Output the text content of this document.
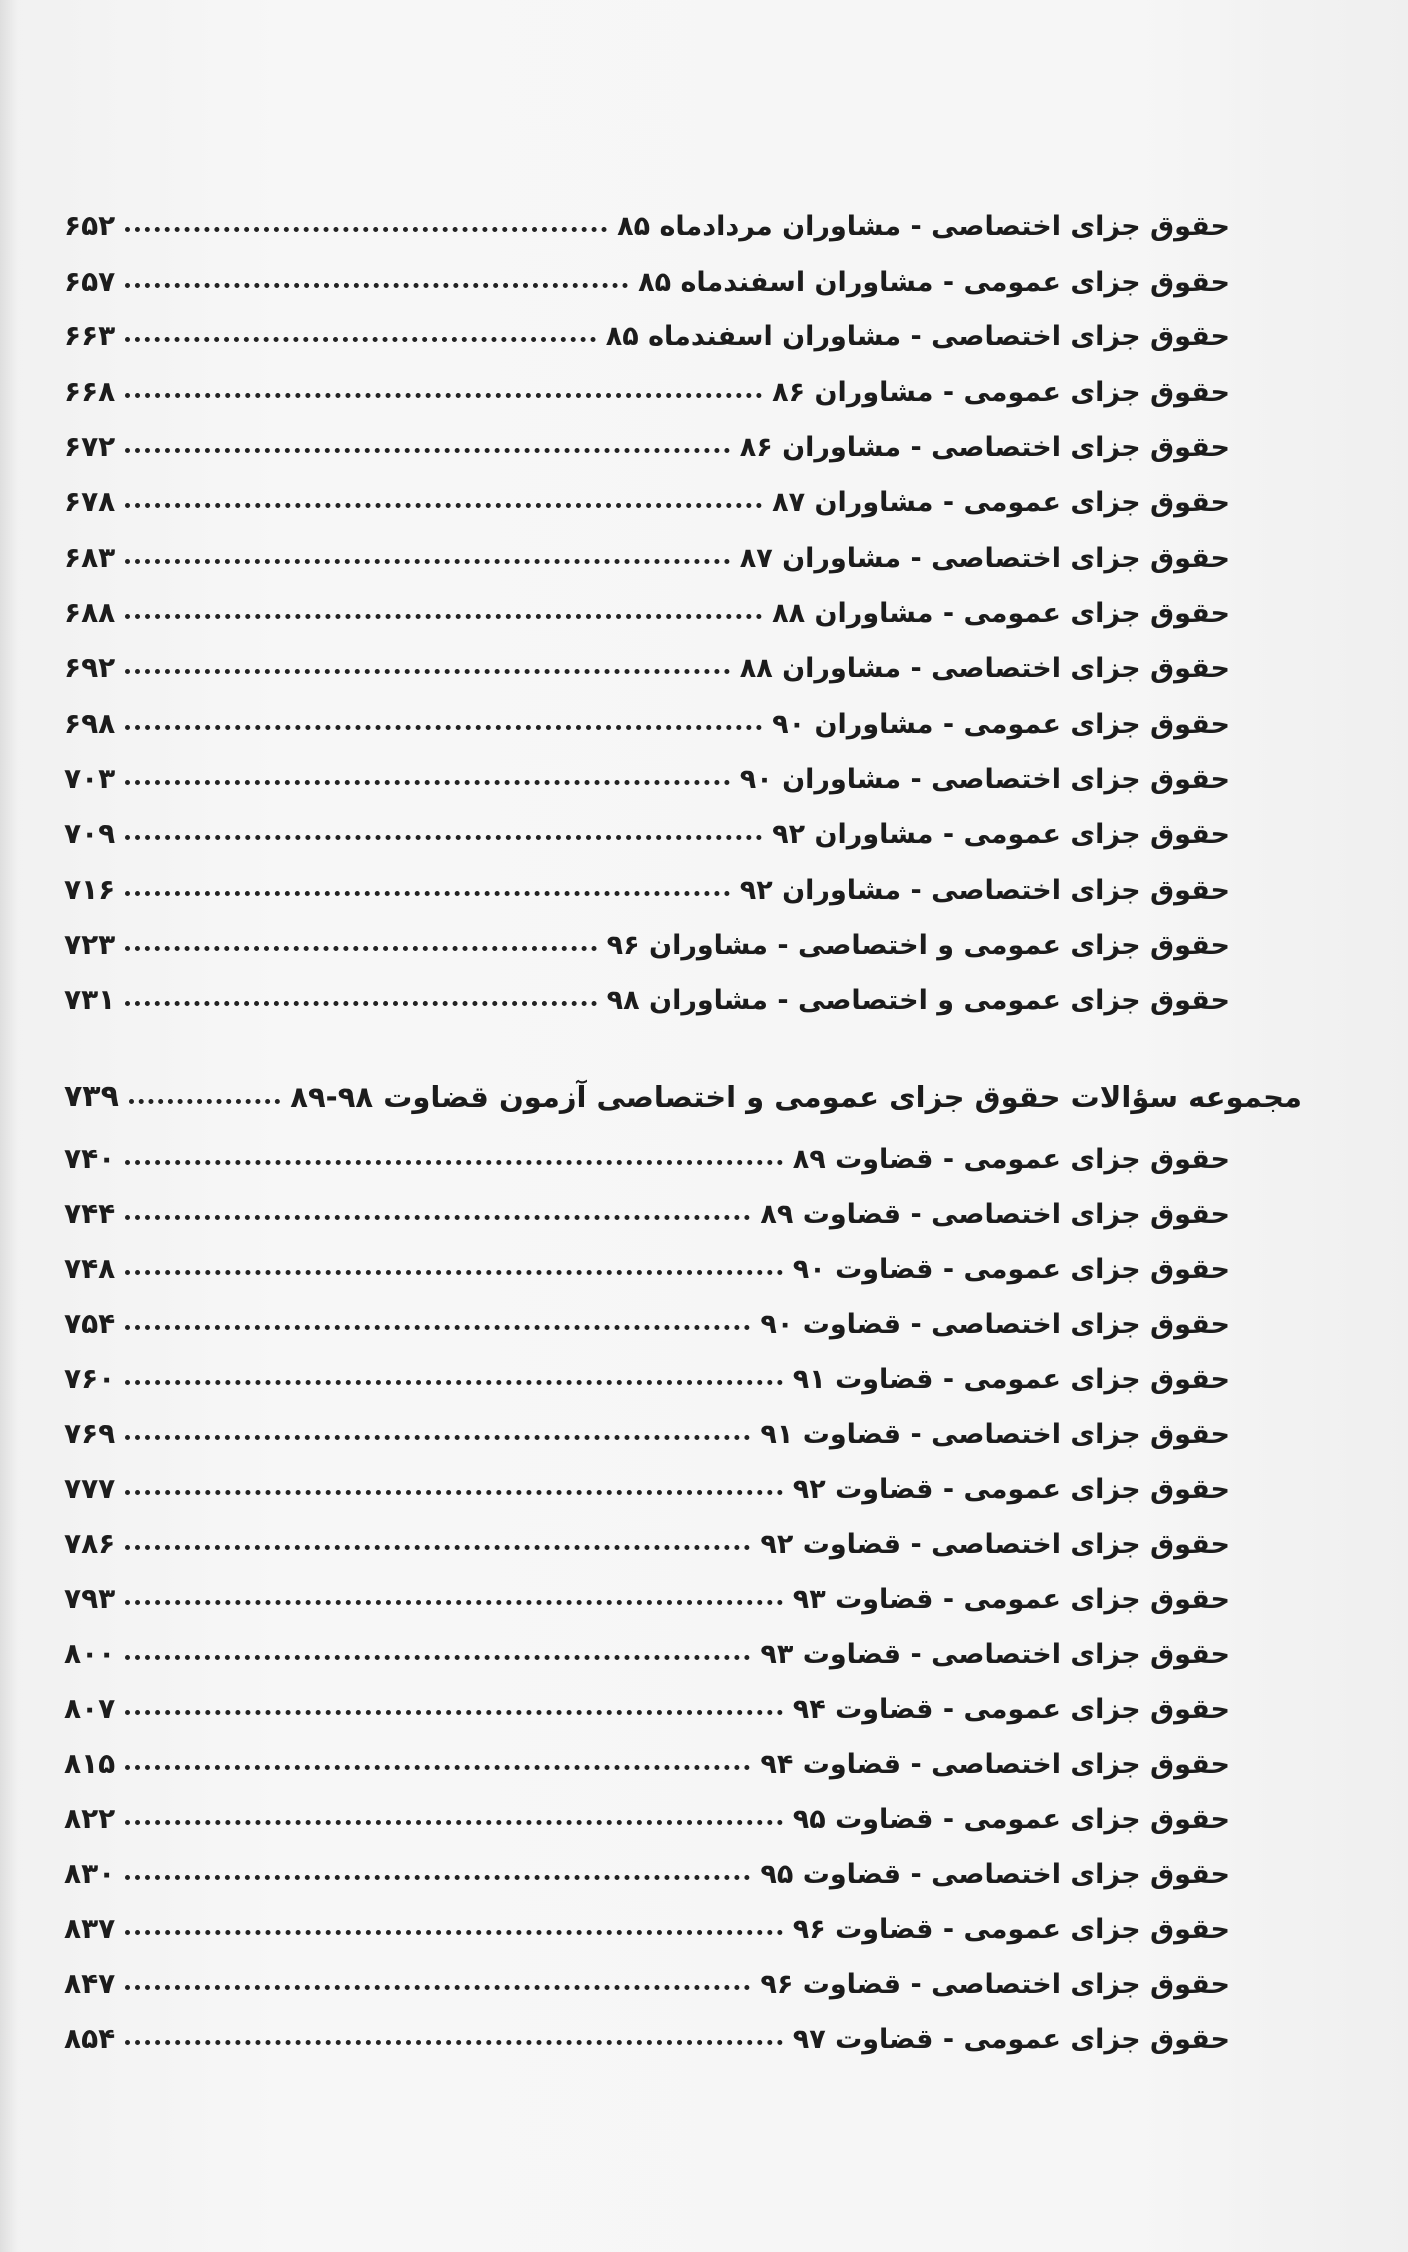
حقوق جزای اختصاصی - مشاوران مردادماه ۸۵
۶۵۲
حقوق جزای عمومی - مشاوران اسفندماه ۸۵
۶۵۷
حقوق جزای اختصاصی - مشاوران اسفندماه ۸۵
۶۶۳
حقوق جزای عمومی - مشاوران ۸۶
۶۶۸
حقوق جزای اختصاصی - مشاوران ۸۶
۶۷۲
حقوق جزای عمومی - مشاوران ۸۷
۶۷۸
حقوق جزای اختصاصی - مشاوران ۸۷
۶۸۳
حقوق جزای عمومی - مشاوران ۸۸
۶۸۸
حقوق جزای اختصاصی - مشاوران ۸۸
۶۹۲
حقوق جزای عمومی - مشاوران ۹۰
۶۹۸
حقوق جزای اختصاصی - مشاوران ۹۰
۷۰۳
حقوق جزای عمومی - مشاوران ۹۲
۷۰۹
حقوق جزای اختصاصی - مشاوران ۹۲
۷۱۶
حقوق جزای عمومی و اختصاصی - مشاوران ۹۶
۷۲۳
حقوق جزای عمومی و اختصاصی - مشاوران ۹۸
۷۳۱
مجموعه سؤالات حقوق جزای عمومی و اختصاصی آزمون قضاوت ۹۸-۸۹
۷۳۹
حقوق جزای عمومی - قضاوت ۸۹
۷۴۰
حقوق جزای اختصاصی - قضاوت ۸۹
۷۴۴
حقوق جزای عمومی - قضاوت ۹۰
۷۴۸
حقوق جزای اختصاصی - قضاوت ۹۰
۷۵۴
حقوق جزای عمومی - قضاوت ۹۱
۷۶۰
حقوق جزای اختصاصی - قضاوت ۹۱
۷۶۹
حقوق جزای عمومی - قضاوت ۹۲
۷۷۷
حقوق جزای اختصاصی - قضاوت ۹۲
۷۸۶
حقوق جزای عمومی - قضاوت ۹۳
۷۹۳
حقوق جزای اختصاصی - قضاوت ۹۳
۸۰۰
حقوق جزای عمومی - قضاوت ۹۴
۸۰۷
حقوق جزای اختصاصی - قضاوت ۹۴
۸۱۵
حقوق جزای عمومی - قضاوت ۹۵
۸۲۲
حقوق جزای اختصاصی - قضاوت ۹۵
۸۳۰
حقوق جزای عمومی - قضاوت ۹۶
۸۳۷
حقوق جزای اختصاصی - قضاوت ۹۶
۸۴۷
حقوق جزای عمومی - قضاوت ۹۷
۸۵۴
